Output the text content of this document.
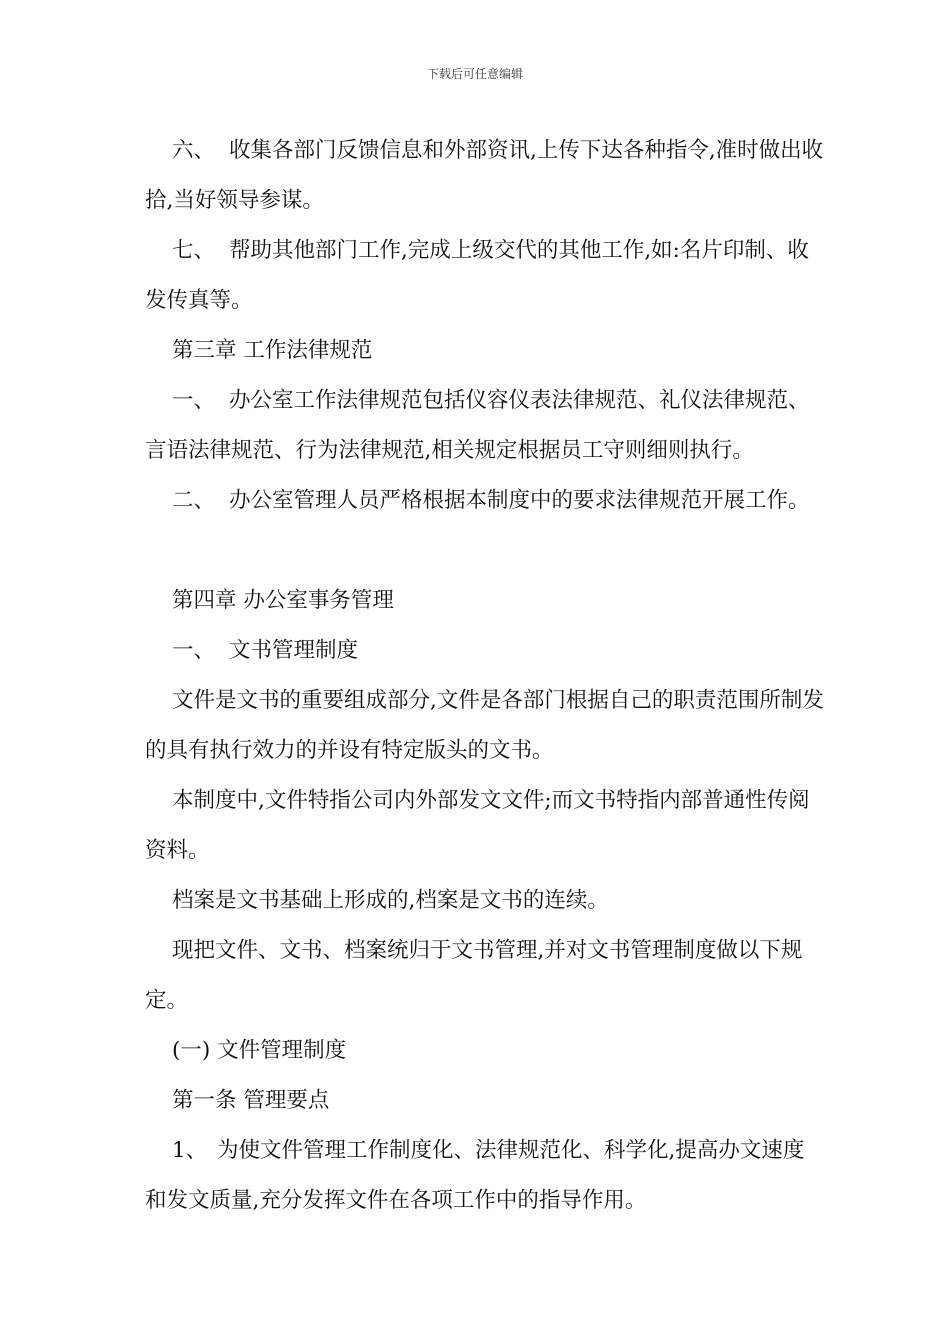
下载后可任意编辑

六、 收集各部门反馈信息和外部资讯,上传下达各种指令,准时做出收拾,当好领导参谋。

七、 帮助其他部门工作,完成上级交代的其他工作,如:名片印制、收发传真等。

第三章 工作法律规范

一、 办公室工作法律规范包括仪容仪表法律规范、礼仪法律规范、言语法律规范、行为法律规范,相关规定根据员工守则细则执行。

二、 办公室管理人员严格根据本制度中的要求法律规范开展工作。

第四章 办公室事务管理

一、 文书管理制度

文件是文书的重要组成部分,文件是各部门根据自己的职责范围所制发的具有执行效力的并设有特定版头的文书。

本制度中,文件特指公司内外部发文文件;而文书特指内部普通性传阅资料。

档案是文书基础上形成的,档案是文书的连续。

现把文件、文书、档案统归于文书管理,并对文书管理制度做以下规定。

(一) 文件管理制度

第一条 管理要点

1、 为使文件管理工作制度化、法律规范化、科学化,提高办文速度和发文质量,充分发挥文件在各项工作中的指导作用。
